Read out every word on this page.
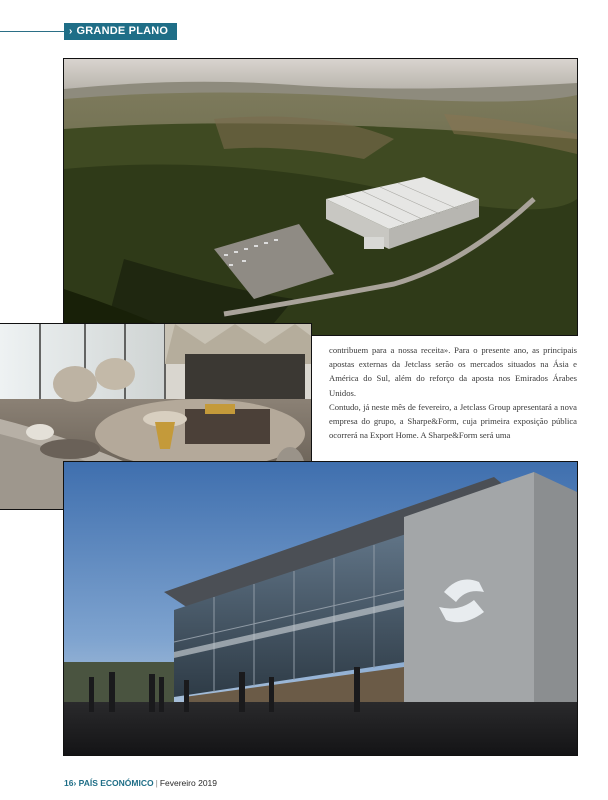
› GRANDE PLANO

contribuem para a nossa receita». Para o presente ano, as principais apostas externas da Jetclass serão os mercados situados na Ásia e América do Sul, além do reforço da aposta nos Emirados Árabes Unidos.

Contudo, já neste mês de fevereiro, a Jetclass Group apresentará a nova empresa do grupo, a Sharpe&Form, cuja primeira exposição pública ocorrerá na Export Home. A Sharpe&Form será uma

16› PAÍS ECONÓMICO | Fevereiro 2019
